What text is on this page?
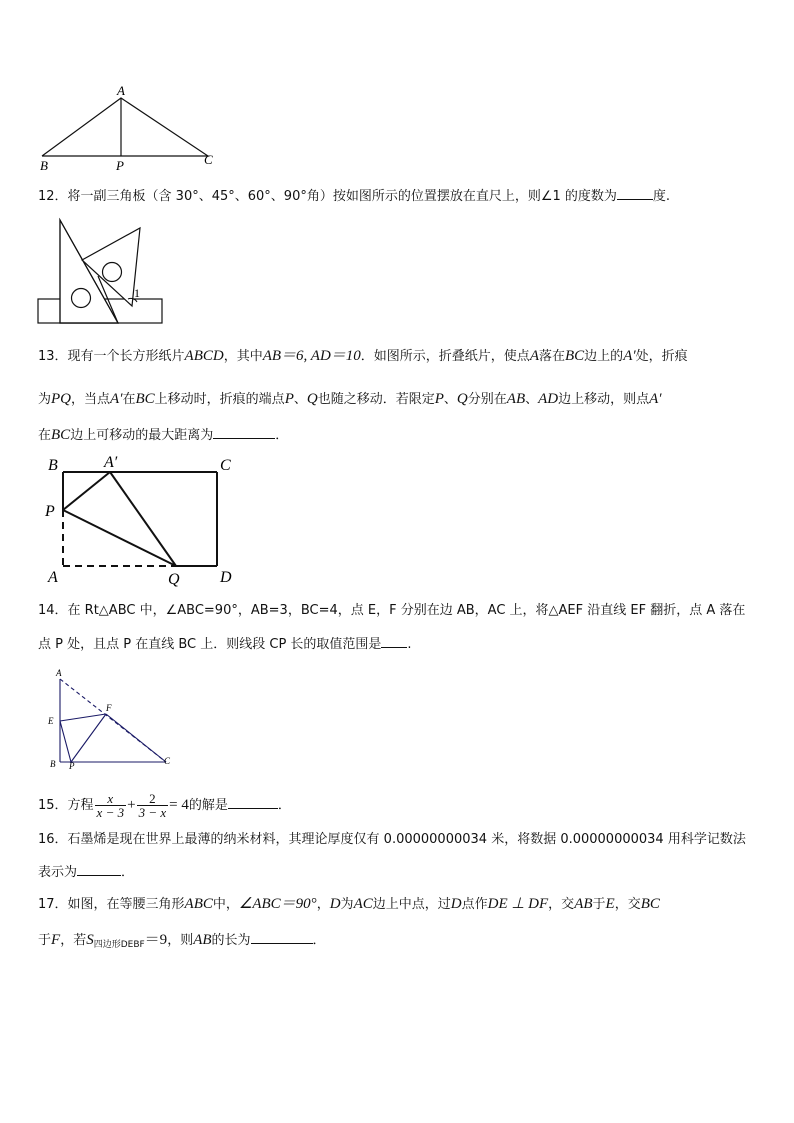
A
B	P	C
12．将一副三角板（含 30°、45°、60°、90°角）按如图所示的位置摆放在直尺上，则∠1 的度数为	度.
1
13．现有一个长方形纸片ABCD，其中AB＝6, AD＝10．如图所示，折叠纸片，使点A落在BC边上的A′处，折痕
为PQ，当点A′在BC上移动时，折痕的端点P、Q也随之移动．若限定P、Q分别在AB、AD边上移动，则点A′
在BC边上可移动的最大距离为	．
B	A′	C
P
A	Q	D
14．在 Rt△ABC 中，∠ABC=90°，AB=3，BC=4，点 E，F 分别在边 AB，AC 上，将△AEF 沿直线 EF 翻折，点 A 落在
点 P 处，且点 P 在直线 BC 上．则线段 CP 长的取值范围是 .
A
E
F
B P	C
15．方程 $\frac{x}{x - 3} + \frac{2}{3 - x} = 4$的解是	．
16．石墨烯是现在世界上最薄的纳米材料，其理论厚度仅有 0.00000000034 米，将数据 0.00000000034 用科学记数法
表示为	．
17．如图，在等腰三角形ABC中，∠ABC＝90°，D为AC边上中点，过D点作DE ⊥ DF，交AB于E，交BC
于F，若$S_{四边形DEBF}=9$，则AB的长为	．
